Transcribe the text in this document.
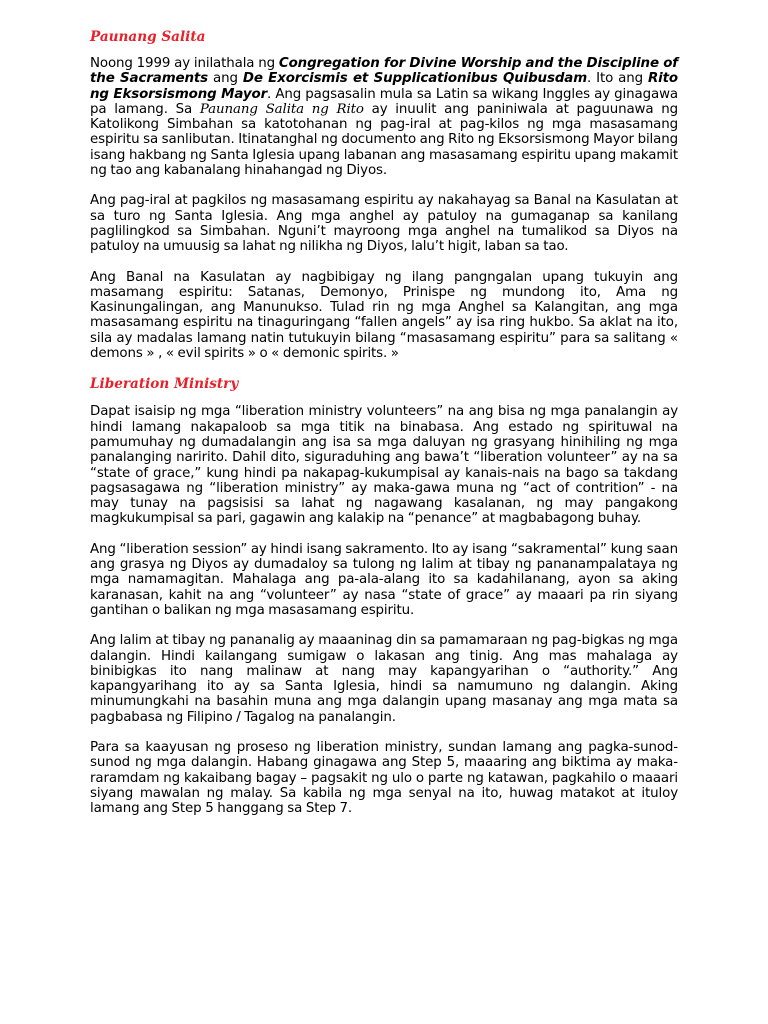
Paunang Salita

Noong 1999 ay inilathala ng Congregation for Divine Worship and the Discipline of the Sacraments ang De Exorcismis et Supplicationibus Quibusdam. Ito ang Rito ng Eksorsismong Mayor. Ang pagsasalin mula sa Latin sa wikang Inggles ay ginagawa pa lamang. Sa Paunang Salita ng Rito ay inuulit ang paniniwala at paguunawa ng Katolikong Simbahan sa katotohanan ng pag-iral at pag-kilos ng mga masasamang espiritu sa sanlibutan. Itinatanghal ng documento ang Rito ng Eksorsismong Mayor bilang isang hakbang ng Santa Iglesia upang labanan ang masasamang espiritu upang makamit ng tao ang kabanalang hinahangad ng Diyos.

Ang pag-iral at pagkilos ng masasamang espiritu ay nakahayag sa Banal na Kasulatan at sa turo ng Santa Iglesia. Ang mga anghel ay patuloy na gumaganap sa kanilang paglilingkod sa Simbahan. Nguni’t mayroong mga anghel na tumalikod sa Diyos na patuloy na umuusig sa lahat ng nilikha ng Diyos, lalu’t higit, laban sa tao.

Ang Banal na Kasulatan ay nagbibigay ng ilang pangngalan upang tukuyin ang masamang espiritu: Satanas, Demonyo, Prinispe ng mundong ito, Ama ng Kasinungalingan, ang Manunukso. Tulad rin ng mga Anghel sa Kalangitan, ang mga masasamang espiritu na tinaguringang “fallen angels” ay isa ring hukbo. Sa aklat na ito, sila ay madalas lamang natin tutukuyin bilang “masasamang espiritu” para sa salitang « demons » , « evil spirits » o « demonic spirits. »

Liberation Ministry

Dapat isaisip ng mga “liberation ministry volunteers” na ang bisa ng mga panalangin ay hindi lamang nakapaloob sa mga titik na binabasa. Ang estado ng spirituwal na pamumuhay ng dumadalangin ang isa sa mga daluyan ng grasyang hinihiling ng mga panalanging naririto. Dahil dito, siguraduhing ang bawa’t “liberation volunteer” ay na sa “state of grace,” kung hindi pa nakapag-kukumpisal ay kanais-nais na bago sa takdang pagsasagawa ng “liberation ministry” ay maka-gawa muna ng “act of contrition” - na may tunay na pagsisisi sa lahat ng nagawang kasalanan, ng may pangakong magkukumpisal sa pari, gagawin ang kalakip na “penance” at magbabagong buhay.

Ang “liberation session” ay hindi isang sakramento. Ito ay isang “sakramental” kung saan ang grasya ng Diyos ay dumadaloy sa tulong ng lalim at tibay ng pananampalataya ng mga namamagitan. Mahalaga ang pa-ala-alang ito sa kadahilanang, ayon sa aking karanasan, kahit na ang “volunteer” ay nasa “state of grace” ay maaari pa rin siyang gantihan o balikan ng mga masasamang espiritu.

Ang lalim at tibay ng pananalig ay maaaninag din sa pamamaraan ng pag-bigkas ng mga dalangin. Hindi kailangang sumigaw o lakasan ang tinig. Ang mas mahalaga ay binibigkas ito nang malinaw at nang may kapangyarihan o “authority.” Ang kapangyarihang ito ay sa Santa Iglesia, hindi sa namumuno ng dalangin. Aking minumungkahi na basahin muna ang mga dalangin upang masanay ang mga mata sa pagbabasa ng Filipino / Tagalog na panalangin.

Para sa kaayusan ng proseso ng liberation ministry, sundan lamang ang pagka-sunod-sunod ng mga dalangin. Habang ginagawa ang Step 5, maaaring ang biktima ay maka-raramdam ng kakaibang bagay – pagsakit ng ulo o parte ng katawan, pagkahilo o maaari siyang mawalan ng malay. Sa kabila ng mga senyal na ito, huwag matakot at ituloy lamang ang Step 5 hanggang sa Step 7.
